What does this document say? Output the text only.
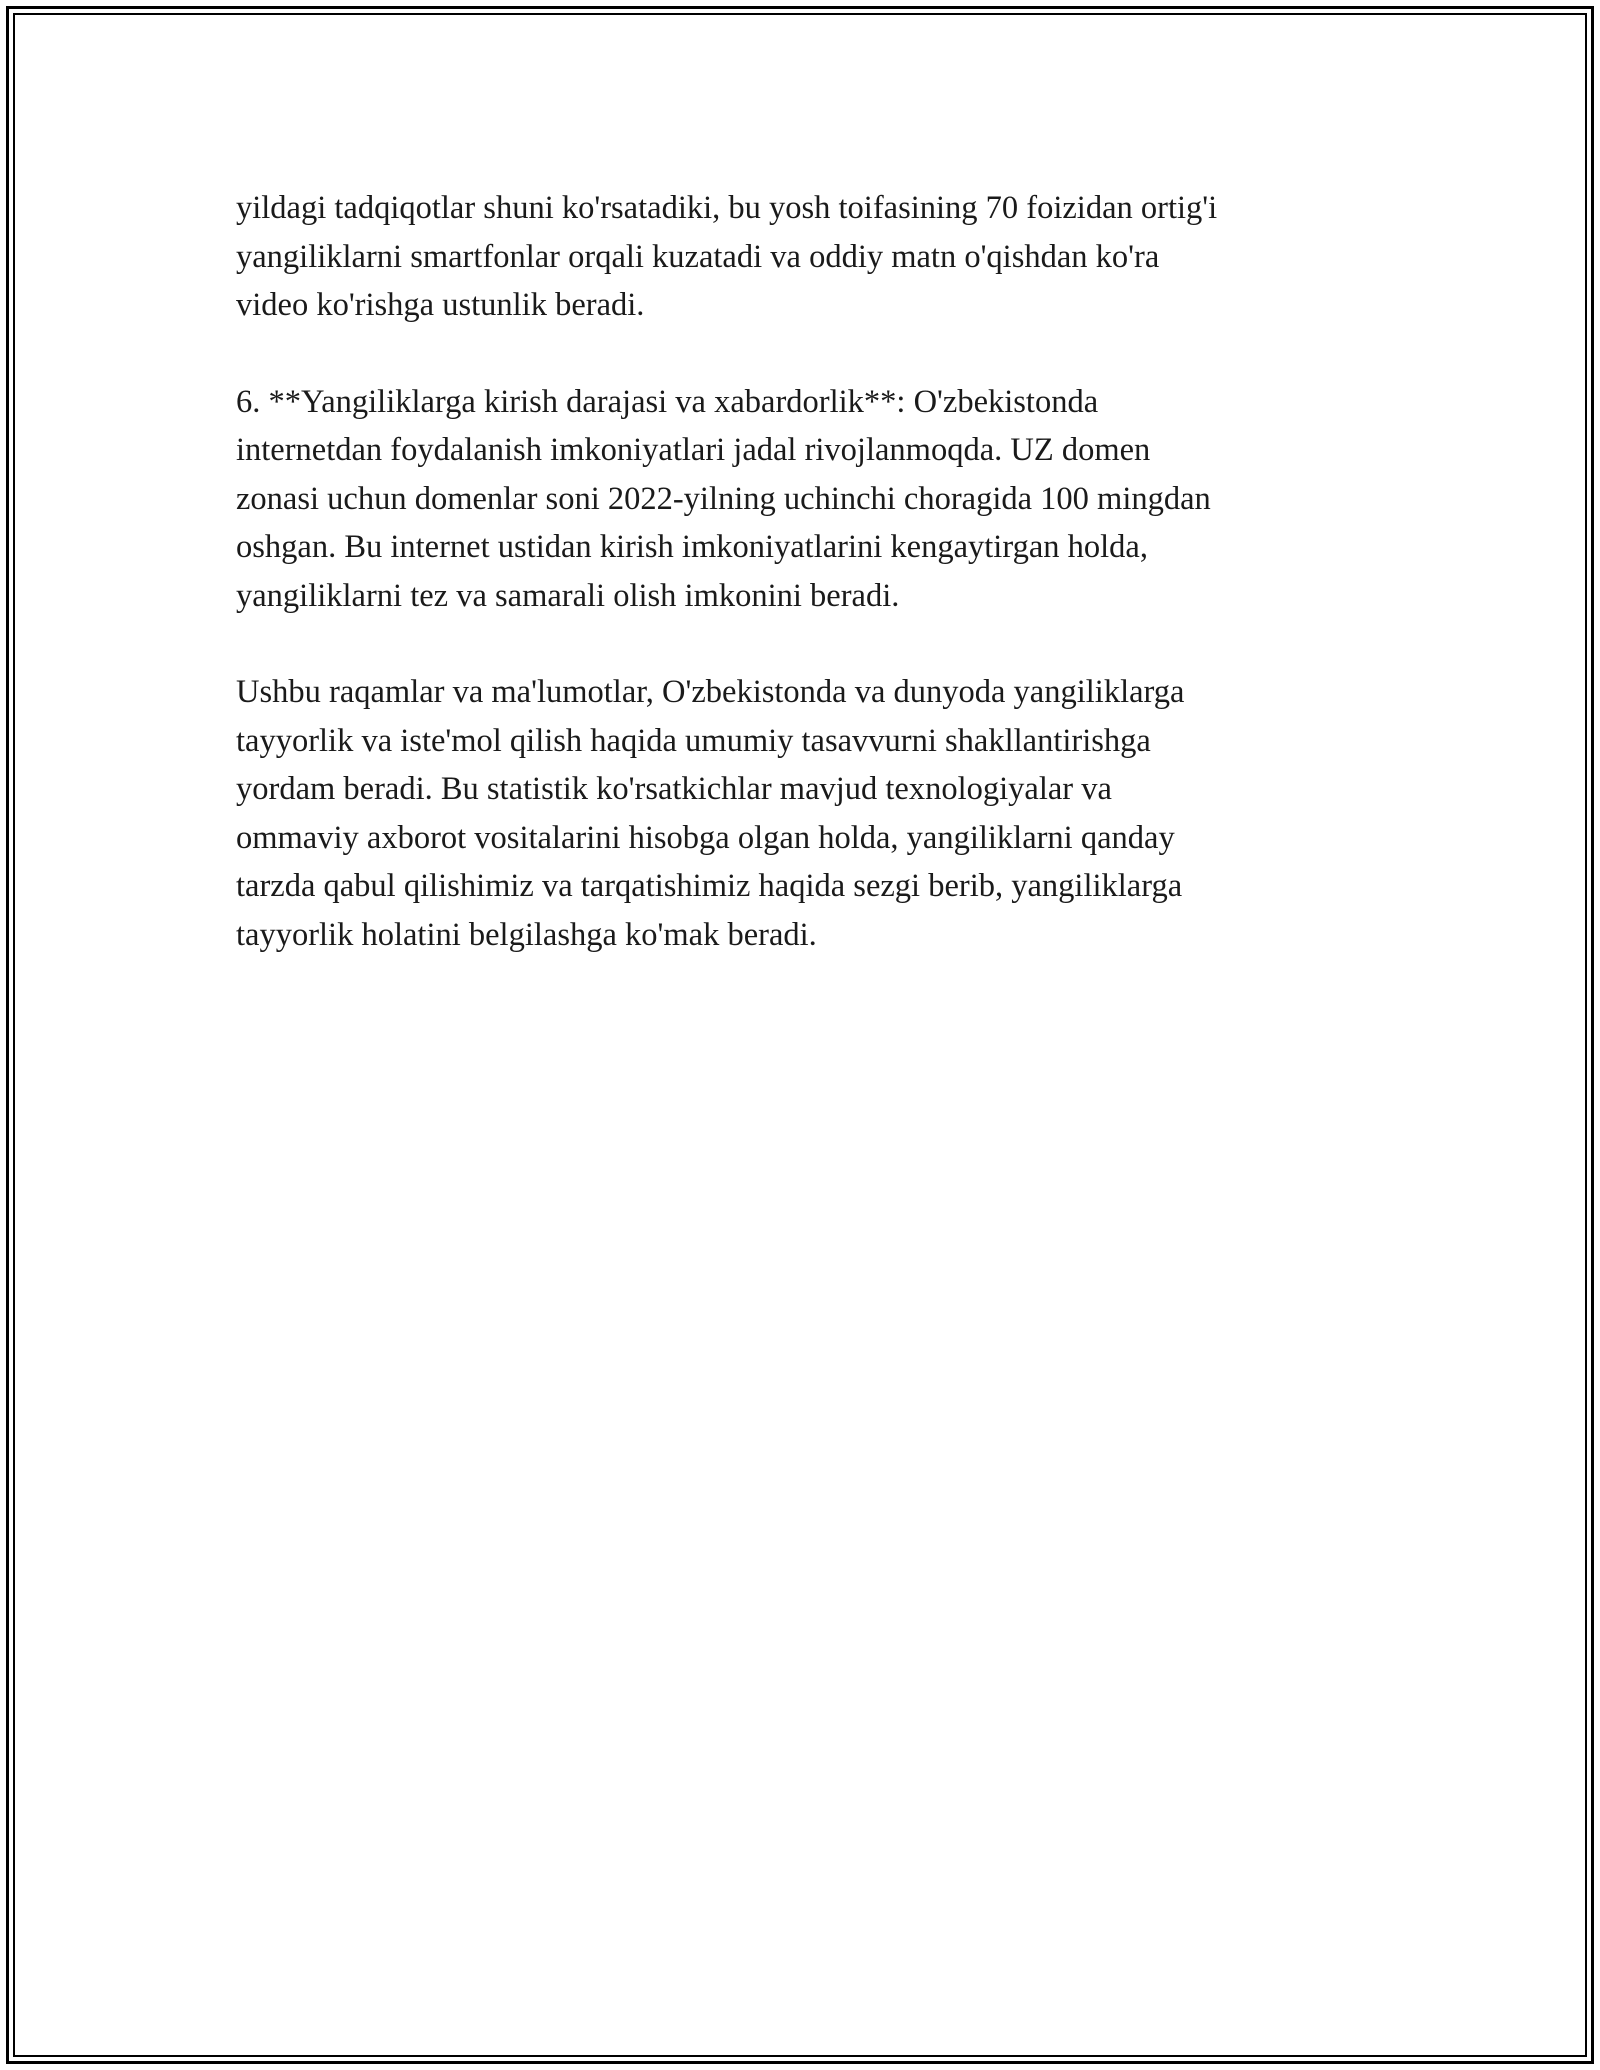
yildagi tadqiqotlar shuni ko'rsatadiki, bu yosh toifasining 70 foizidan ortig'i
yangiliklarni smartfonlar orqali kuzatadi va oddiy matn o'qishdan ko'ra
video ko'rishga ustunlik beradi.

6. **Yangiliklarga kirish darajasi va xabardorlik**: O'zbekistonda
internetdan foydalanish imkoniyatlari jadal rivojlanmoqda. UZ domen
zonasi uchun domenlar soni 2022-yilning uchinchi choragida 100 mingdan
oshgan. Bu internet ustidan kirish imkoniyatlarini kengaytirgan holda,
yangiliklarni tez va samarali olish imkonini beradi.

Ushbu raqamlar va ma'lumotlar, O'zbekistonda va dunyoda yangiliklarga
tayyorlik va iste'mol qilish haqida umumiy tasavvurni shakllantirishga
yordam beradi. Bu statistik ko'rsatkichlar mavjud texnologiyalar va
ommaviy axborot vositalarini hisobga olgan holda, yangiliklarni qanday
tarzda qabul qilishimiz va tarqatishimiz haqida sezgi berib, yangiliklarga
tayyorlik holatini belgilashga ko'mak beradi.
